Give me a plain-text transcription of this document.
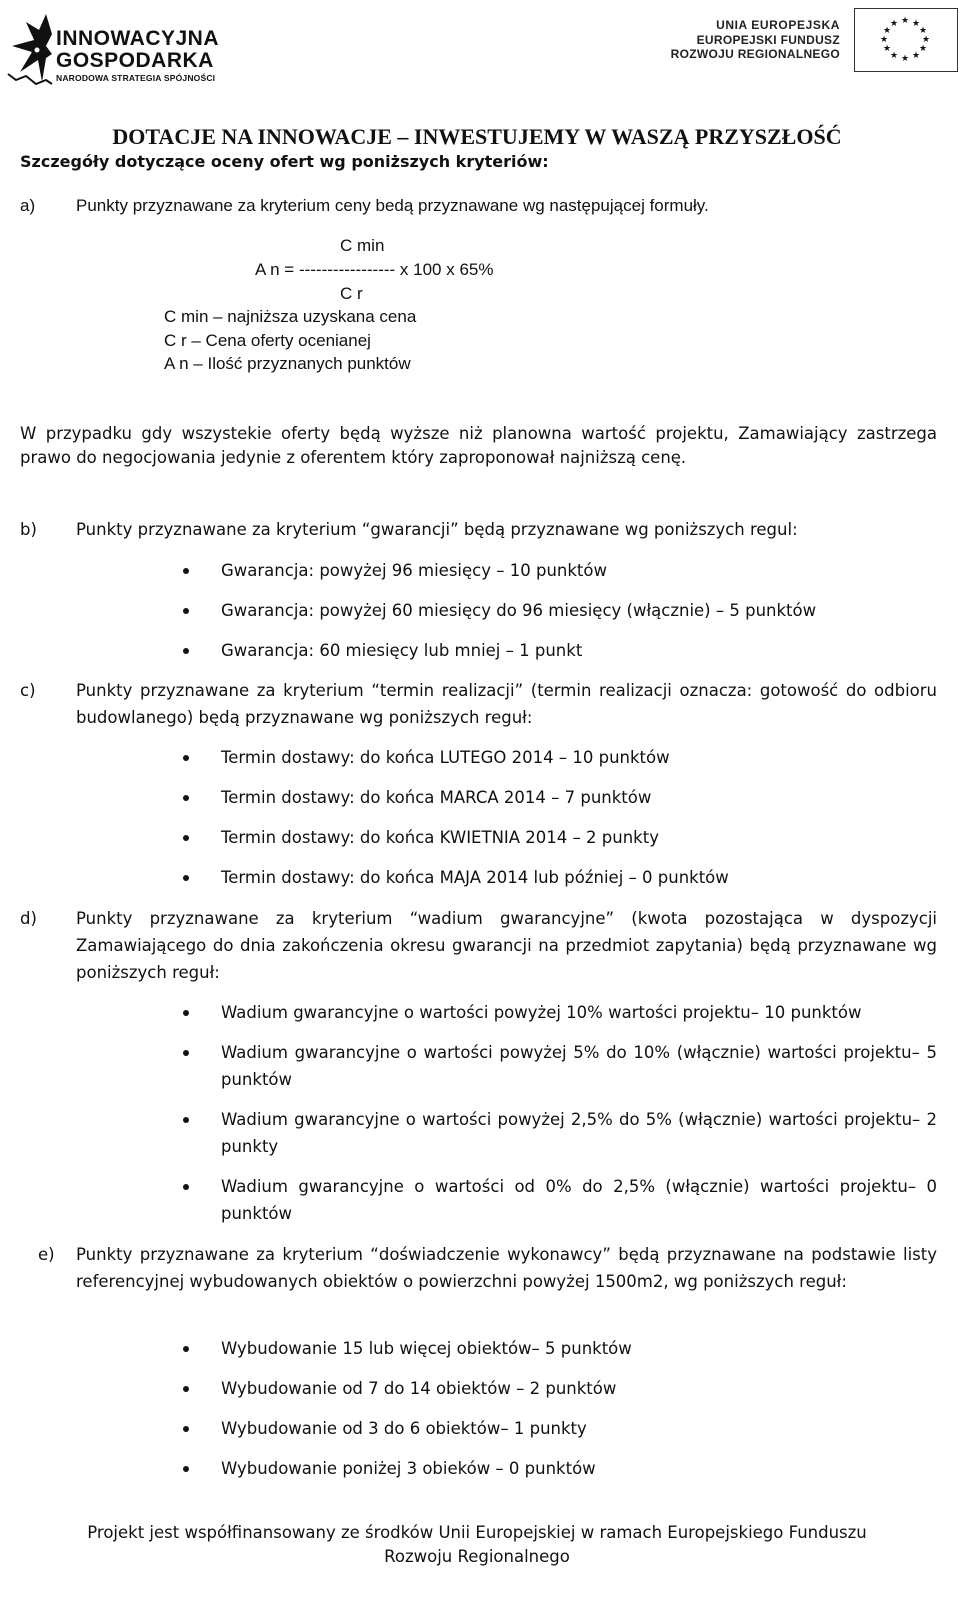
INNOWACYJNA
GOSPODARKA
NARODOWA STRATEGIA SPÓJNOŚCI
UNIA EUROPEJSKA
EUROPEJSKI FUNDUSZ
ROZWOJU REGIONALNEGO
★ ★
★
★
★
★
★
★
★
★
★
★
DOTACJE NA INNOWACJE – INWESTUJEMY W WASZĄ PRZYSZŁOŚĆ
Szczegóły dotyczące oceny ofert wg poniższych kryteriów:
a) Punkty przyznawane za kryterium ceny bedą przyznawane wg następującej formuły.
C min
A n = ----------------- x 100 x 65%
C r
C min – najniższa uzyskana cena
C r – Cena oferty ocenianej
A n – Ilość przyznanych punktów
W przypadku gdy wszystekie oferty będą wyższe niż planowna wartość projektu, Zamawiający zastrzega prawo do negocjowania jedynie z oferentem który zaproponował najniższą cenę.
b) Punkty przyznawane za kryterium “gwarancji” będą przyznawane wg poniższych regul:
Gwarancja: powyżej 96 miesięcy – 10 punktów
Gwarancja: powyżej 60 miesięcy do 96 miesięcy (włącznie) – 5 punktów
Gwarancja: 60 miesięcy lub mniej – 1 punkt
c) Punkty przyznawane za kryterium “termin realizacji” (termin realizacji oznacza: gotowość do odbioru budowlanego) będą przyznawane wg poniższych reguł:
Termin dostawy: do końca LUTEGO 2014 – 10 punktów
Termin dostawy: do końca MARCA 2014 – 7 punktów
Termin dostawy: do końca KWIETNIA 2014 – 2 punkty
Termin dostawy: do końca MAJA 2014 lub później – 0 punktów
d) Punkty przyznawane za kryterium “wadium gwarancyjne” (kwota pozostająca w dyspozycji Zamawiającego do dnia zakończenia okresu gwarancji na przedmiot zapytania) będą przyznawane wg poniższych reguł:
Wadium gwarancyjne o wartości powyżej 10% wartości projektu– 10 punktów
Wadium gwarancyjne o wartości powyżej 5% do 10% (włącznie) wartości projektu– 5 punktów
Wadium gwarancyjne o wartości powyżej 2,5% do 5% (włącznie) wartości projektu– 2 punkty
Wadium gwarancyjne o wartości od 0% do 2,5% (włącznie) wartości projektu– 0 punktów
e) Punkty przyznawane za kryterium “doświadczenie wykonawcy” będą przyznawane na podstawie listy referencyjnej wybudowanych obiektów o powierzchni powyżej 1500m2, wg poniższych reguł:
Wybudowanie 15 lub więcej obiektów– 5 punktów
Wybudowanie od 7 do 14 obiektów – 2 punktów
Wybudowanie od 3 do 6 obiektów– 1 punkty
Wybudowanie poniżej 3 obieków – 0 punktów
Projekt jest współfinansowany ze środków Unii Europejskiej w ramach Europejskiego Funduszu
Rozwoju Regionalnego
